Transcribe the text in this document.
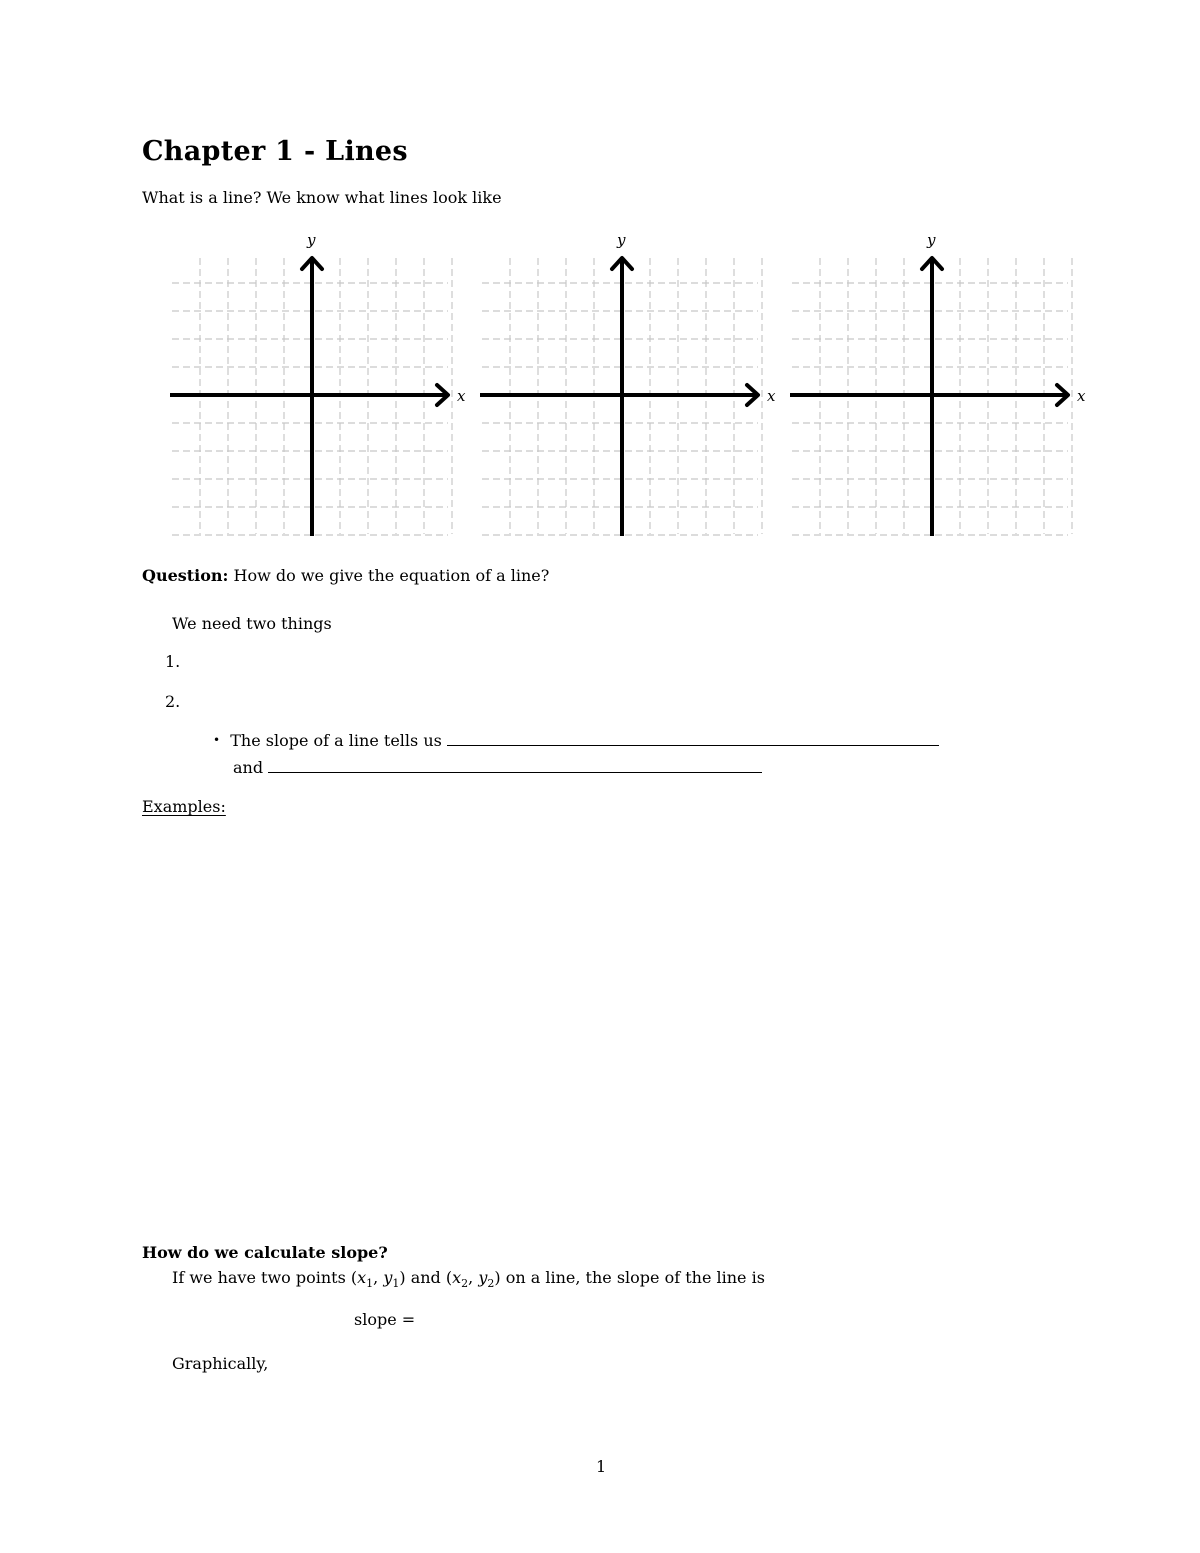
Chapter 1 - Lines
What is a line? We know what lines look like
x
y
x
y
x
y
Question: How do we give the equation of a line?
We need two things
1.
2.
• The slope of a line tells us
and
Examples:
How do we calculate slope?
If we have two points ($x_1$, $y_1$) and ($x_2$, $y_2$) on a line, the slope of the line is
slope =
Graphically,
1
